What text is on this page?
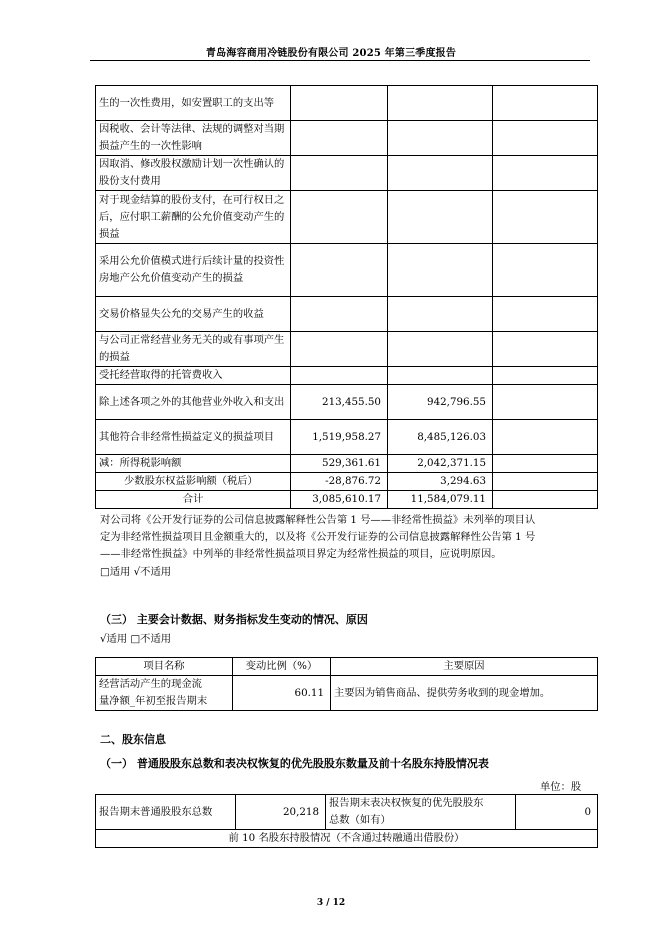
青岛海容商用冷链股份有限公司 2025 年第三季度报告
生的一次性费用，如安置职工的支出等			
因税收、会计等法律、法规的调整对当期损益产生的一次性影响			
因取消、修改股权激励计划一次性确认的股份支付费用			
对于现金结算的股份支付，在可行权日之后，应付职工薪酬的公允价值变动产生的损益			
采用公允价值模式进行后续计量的投资性房地产公允价值变动产生的损益			
交易价格显失公允的交易产生的收益			
与公司正常经营业务无关的或有事项产生的损益			
受托经营取得的托管费收入			
除上述各项之外的其他营业外收入和支出	213,455.50	942,796.55	
其他符合非经常性损益定义的损益项目	1,519,958.27	8,485,126.03	
减：所得税影响额	529,361.61	2,042,371.15	
少数股东权益影响额（税后）	-28,876.72	3,294.63	
合计	3,085,610.17	11,584,079.11	
对公司将《公开发行证券的公司信息披露解释性公告第 1 号——非经常性损益》未列举的项目认
定为非经常性损益项目且金额重大的，以及将《公开发行证券的公司信息披露解释性公告第 1 号
——非经常性损益》中列举的非经常性损益项目界定为经常性损益的项目，应说明原因。
□适用 √不适用
（三） 主要会计数据、财务指标发生变动的情况、原因
√适用 □不适用
项目名称	变动比例（%）	主要原因
经营活动产生的现金流
量净额_年初至报告期末	60.11	主要因为销售商品、提供劳务收到的现金增加。
二、股东信息
（一） 普通股股东总数和表决权恢复的优先股股东数量及前十名股东持股情况表
单位：股
报告期末普通股股东总数	20,218	报告期末表决权恢复的优先股股东
总数（如有）	0
前 10 名股东持股情况（不含通过转融通出借股份）
3 / 12
